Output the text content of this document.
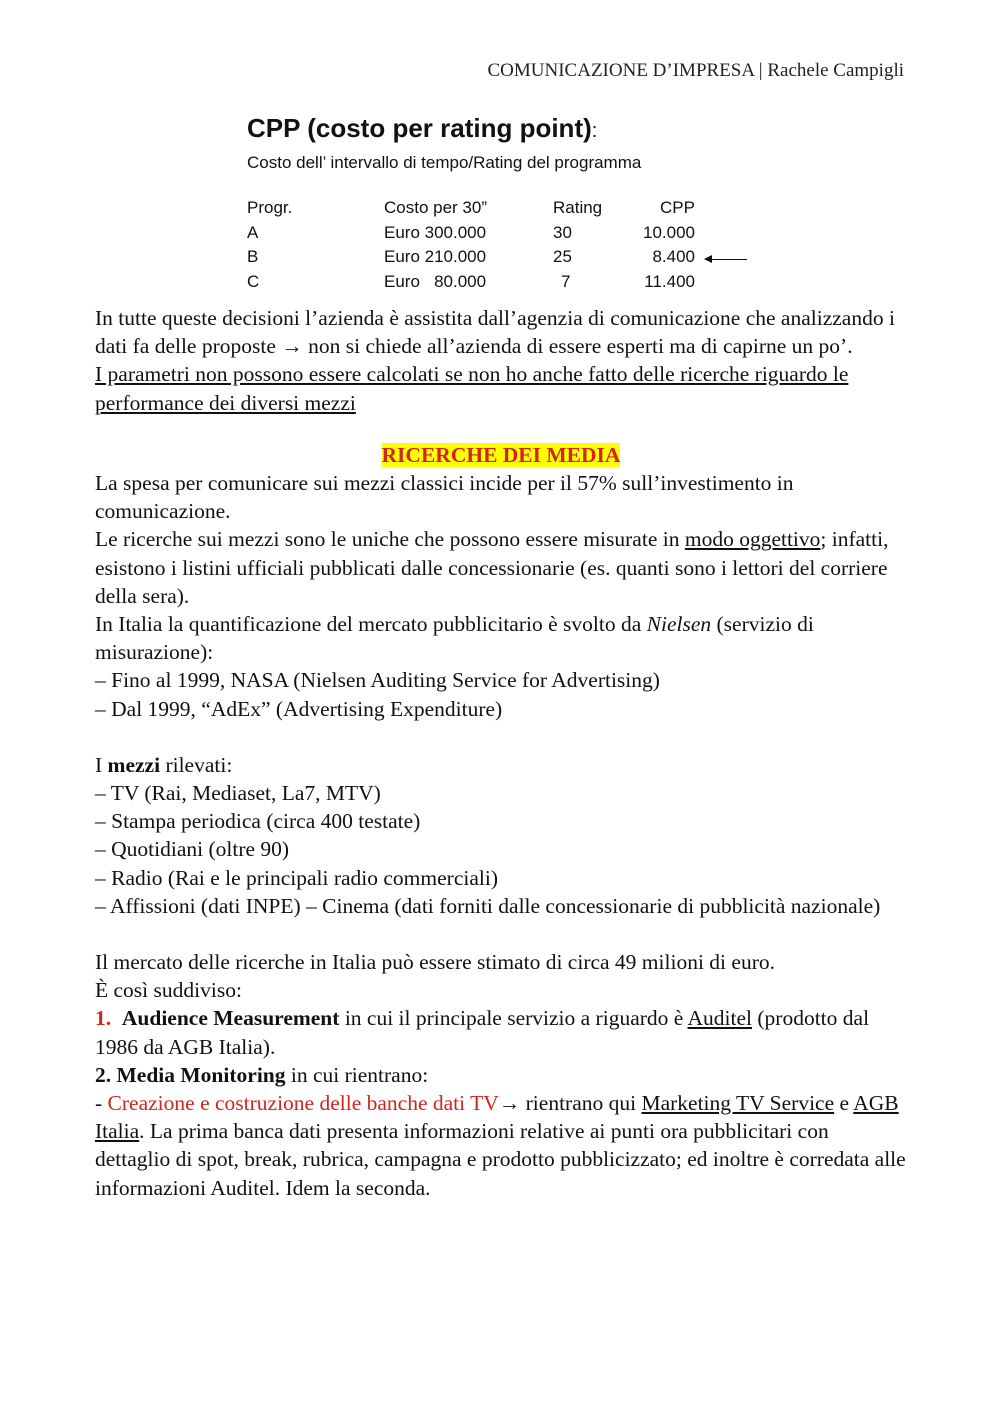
COMUNICAZIONE D’IMPRESA | Rachele Campigli
CPP (costo per rating point):
Costo dell’ intervallo di tempo/Rating del programma
Progr.	Costo per 30”	Rating	CPP
A	Euro 300.000	30	10.000
B	Euro 210.000	25	8.400
C	Euro   80.000	7	11.400

In tutte queste decisioni l’azienda è assistita dall’agenzia di comunicazione che analizzando i dati fa delle proposte → non si chiede all’azienda di essere esperti ma di capirne un po’.

I parametri non possono essere calcolati se non ho anche fatto delle ricerche riguardo le performance dei diversi mezzi

RICERCHE DEI MEDIA

La spesa per comunicare sui mezzi classici incide per il 57% sull’investimento in comunicazione.

Le ricerche sui mezzi sono le uniche che possono essere misurate in modo oggettivo; infatti, esistono i listini ufficiali pubblicati dalle concessionarie (es. quanti sono i lettori del corriere della sera).

In Italia la quantificazione del mercato pubblicitario è svolto da Nielsen (servizio di misurazione):

– Fino al 1999, NASA (Nielsen Auditing Service for Advertising)

– Dal 1999, “AdEx” (Advertising Expenditure)

I mezzi rilevati:

– TV (Rai, Mediaset, La7, MTV)

– Stampa periodica (circa 400 testate)

– Quotidiani (oltre 90)

– Radio (Rai e le principali radio commerciali)

– Affissioni (dati INPE) – Cinema (dati forniti dalle concessionarie di pubblicità nazionale)

Il mercato delle ricerche in Italia può essere stimato di circa 49 milioni di euro.

È così suddiviso:

1. Audience Measurement in cui il principale servizio a riguardo è Auditel (prodotto dal 1986 da AGB Italia).

2. Media Monitoring in cui rientrano:

- Creazione e costruzione delle banche dati TV→ rientrano qui Marketing TV Service e AGB Italia. La prima banca dati presenta informazioni relative ai punti ora pubblicitari con dettaglio di spot, break, rubrica, campagna e prodotto pubblicizzato; ed inoltre è corredata alle informazioni Auditel. Idem la seconda.
